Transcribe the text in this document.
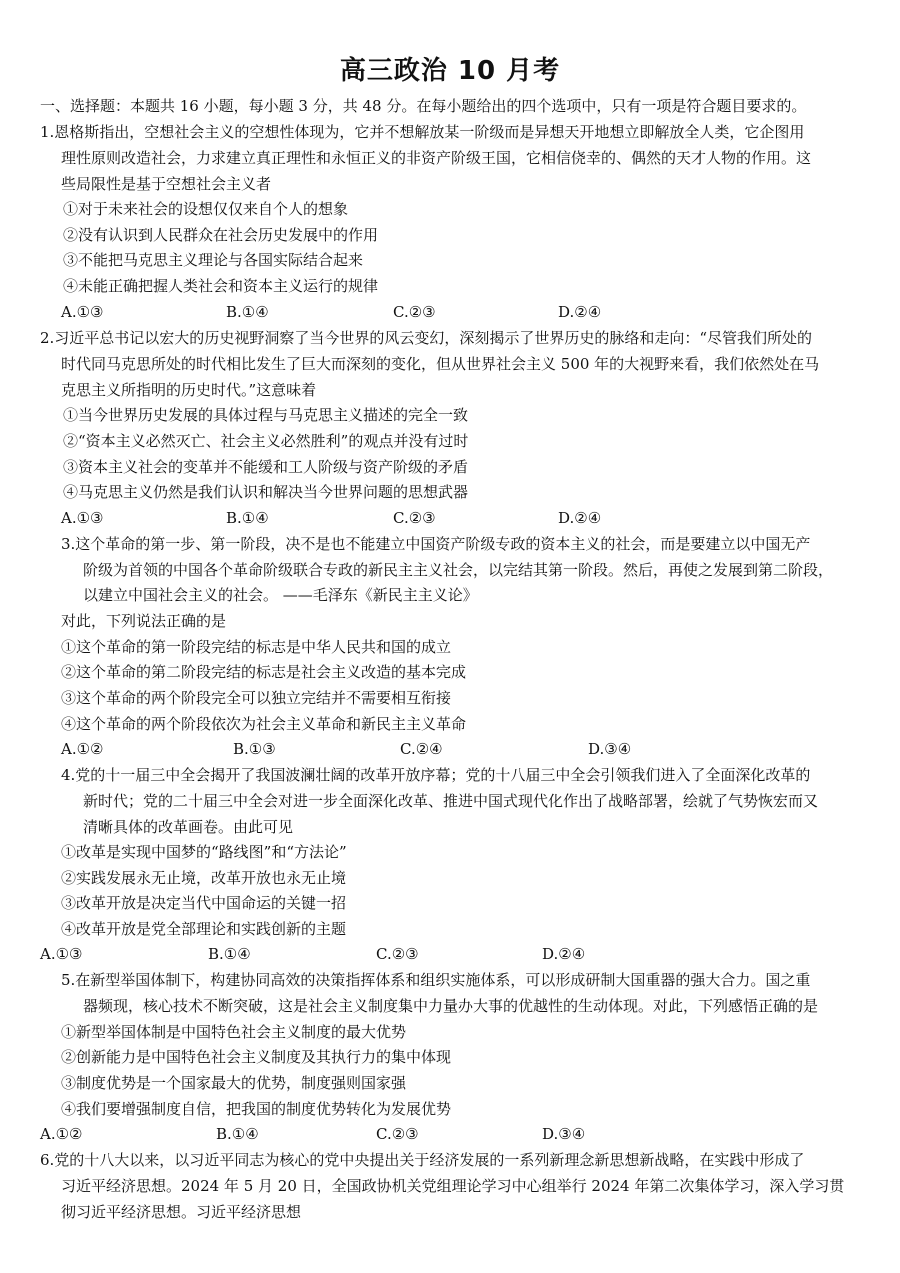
高三政治 10 月考
一、选择题：本题共 16 小题，每小题 3 分，共 48 分。在每小题给出的四个选项中，只有一项是符合题目要求的。
1.恩格斯指出，空想社会主义的空想性体现为，它并不想解放某一阶级而是异想天开地想立即解放全人类，它企图用
理性原则改造社会，力求建立真正理性和永恒正义的非资产阶级王国，它相信侥幸的、偶然的天才人物的作用。这
些局限性是基于空想社会主义者
①对于未来社会的设想仅仅来自个人的想象
②没有认识到人民群众在社会历史发展中的作用
③不能把马克思主义理论与各国实际结合起来
④未能正确把握人类社会和资本主义运行的规律
A.①③	B.①④	C.②③	D.②④
2.习近平总书记以宏大的历史视野洞察了当今世界的风云变幻，深刻揭示了世界历史的脉络和走向：“尽管我们所处的
时代同马克思所处的时代相比发生了巨大而深刻的变化，但从世界社会主义 500 年的大视野来看，我们依然处在马
克思主义所指明的历史时代。”这意味着
①当今世界历史发展的具体过程与马克思主义描述的完全一致
②“资本主义必然灭亡、社会主义必然胜利”的观点并没有过时
③资本主义社会的变革并不能缓和工人阶级与资产阶级的矛盾
④马克思主义仍然是我们认识和解决当今世界问题的思想武器
A.①③	B.①④	C.②③	D.②④
3.这个革命的第一步、第一阶段，决不是也不能建立中国资产阶级专政的资本主义的社会，而是要建立以中国无产
阶级为首领的中国各个革命阶级联合专政的新民主主义社会，以完结其第一阶段。然后，再使之发展到第二阶段，
以建立中国社会主义的社会。 ——毛泽东《新民主主义论》
对此，下列说法正确的是
①这个革命的第一阶段完结的标志是中华人民共和国的成立
②这个革命的第二阶段完结的标志是社会主义改造的基本完成
③这个革命的两个阶段完全可以独立完结并不需要相互衔接
④这个革命的两个阶段依次为社会主义革命和新民主主义革命
A.①②	B.①③	C.②④	D.③④
4.党的十一届三中全会揭开了我国波澜壮阔的改革开放序幕；党的十八届三中全会引领我们进入了全面深化改革的
新时代；党的二十届三中全会对进一步全面深化改革、推进中国式现代化作出了战略部署，绘就了气势恢宏而又
清晰具体的改革画卷。由此可见
①改革是实现中国梦的“路线图”和“方法论”
②实践发展永无止境，改革开放也永无止境
③改革开放是决定当代中国命运的关键一招
④改革开放是党全部理论和实践创新的主题
A.①③	B.①④	C.②③	D.②④
5.在新型举国体制下，构建协同高效的决策指挥体系和组织实施体系，可以形成研制大国重器的强大合力。国之重
器频现，核心技术不断突破，这是社会主义制度集中力量办大事的优越性的生动体现。对此，下列感悟正确的是
①新型举国体制是中国特色社会主义制度的最大优势
②创新能力是中国特色社会主义制度及其执行力的集中体现
③制度优势是一个国家最大的优势，制度强则国家强
④我们要增强制度自信，把我国的制度优势转化为发展优势
A.①②	B.①④	C.②③	D.③④
6.党的十八大以来，以习近平同志为核心的党中央提出关于经济发展的一系列新理念新思想新战略，在实践中形成了
习近平经济思想。2024 年 5 月 20 日，全国政协机关党组理论学习中心组举行 2024 年第二次集体学习，深入学习贯
彻习近平经济思想。习近平经济思想
